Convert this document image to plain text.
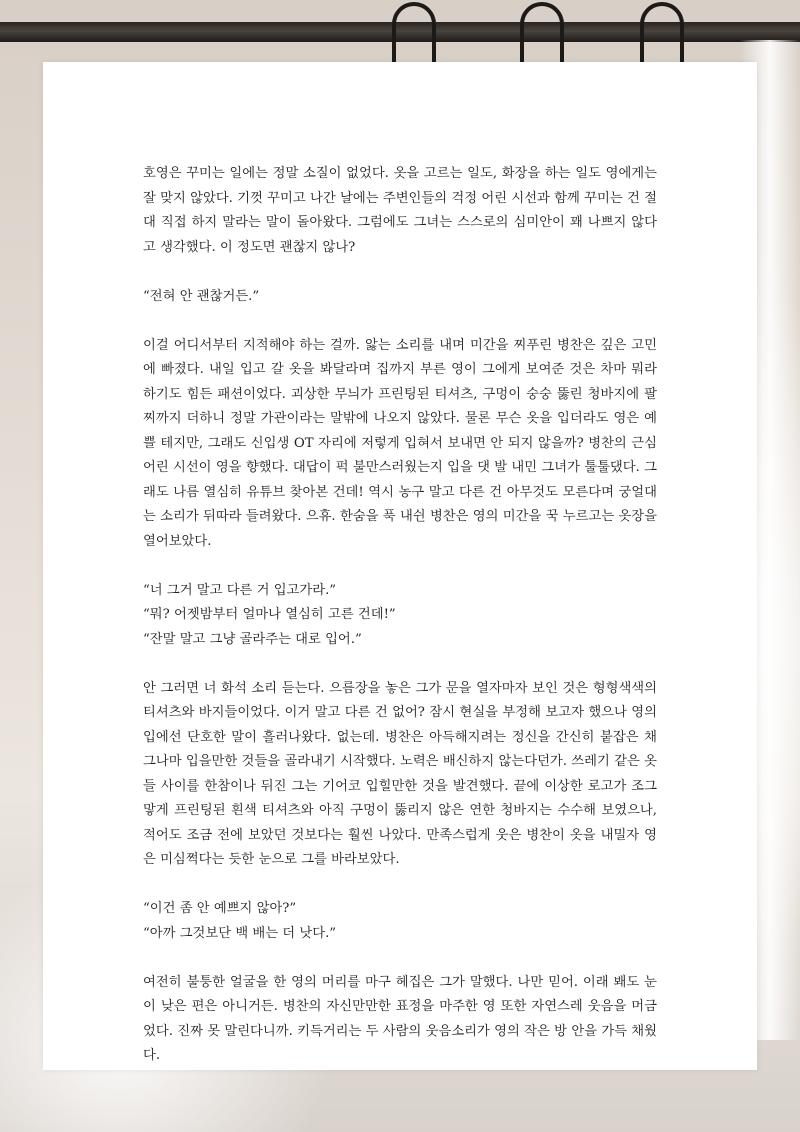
호영은 꾸미는 일에는 정말 소질이 없었다. 옷을 고르는 일도, 화장을 하는 일도 영에게는 잘 맞지 않았다. 기껏 꾸미고 나간 날에는 주변인들의 걱정 어린 시선과 함께 꾸미는 건 절대 직접 하지 말라는 말이 돌아왔다. 그럼에도 그녀는 스스로의 심미안이 꽤 나쁘지 않다고 생각했다. 이 정도면 괜찮지 않나?

“전혀 안 괜찮거든.”

이걸 어디서부터 지적해야 하는 걸까. 앓는 소리를 내며 미간을 찌푸린 병찬은 깊은 고민에 빠졌다. 내일 입고 갈 옷을 봐달라며 집까지 부른 영이 그에게 보여준 것은 차마 뭐라 하기도 힘든 패션이었다. 괴상한 무늬가 프린팅된 티셔츠, 구멍이 숭숭 뚫린 청바지에 팔찌까지 더하니 정말 가관이라는 말밖에 나오지 않았다. 물론 무슨 옷을 입더라도 영은 예쁠 테지만, 그래도 신입생 OT 자리에 저렇게 입혀서 보내면 안 되지 않을까? 병찬의 근심 어린 시선이 영을 향했다. 대답이 퍽 불만스러웠는지 입을 댓 발 내민 그녀가 툴툴댔다. 그래도 나름 열심히 유튜브 찾아본 건데! 역시 농구 말고 다른 건 아무것도 모른다며 궁얼대는 소리가 뒤따라 들려왔다. 으휴. 한숨을 푹 내쉰 병찬은 영의 미간을 꾹 누르고는 옷장을 열어보았다.

“너 그거 말고 다른 거 입고가라.”

“뭐? 어젯밤부터 얼마나 열심히 고른 건데!”

“잔말 말고 그냥 골라주는 대로 입어.”

안 그러면 너 화석 소리 듣는다. 으름장을 놓은 그가 문을 열자마자 보인 것은 형형색색의 티셔츠와 바지들이었다. 이거 말고 다른 건 없어? 잠시 현실을 부정해 보고자 했으나 영의 입에선 단호한 말이 흘러나왔다. 없는데. 병찬은 아득해지려는 정신을 간신히 붙잡은 채 그나마 입을만한 것들을 골라내기 시작했다. 노력은 배신하지 않는다던가. 쓰레기 같은 옷들 사이를 한참이나 뒤진 그는 기어코 입힐만한 것을 발견했다. 끝에 이상한 로고가 조그맣게 프린팅된 흰색 티셔츠와 아직 구멍이 뚫리지 않은 연한 청바지는 수수해 보였으나, 적어도 조금 전에 보았던 것보다는 훨씬 나았다. 만족스럽게 웃은 병찬이 옷을 내밀자 영은 미심쩍다는 듯한 눈으로 그를 바라보았다.

“이건 좀 안 예쁘지 않아?”

“아까 그것보단 백 배는 더 낫다.”

여전히 불퉁한 얼굴을 한 영의 머리를 마구 헤집은 그가 말했다. 나만 믿어. 이래 봬도 눈이 낮은 편은 아니거든. 병찬의 자신만만한 표정을 마주한 영 또한 자연스레 웃음을 머금었다. 진짜 못 말린다니까. 키득거리는 두 사람의 웃음소리가 영의 작은 방 안을 가득 채웠다.
